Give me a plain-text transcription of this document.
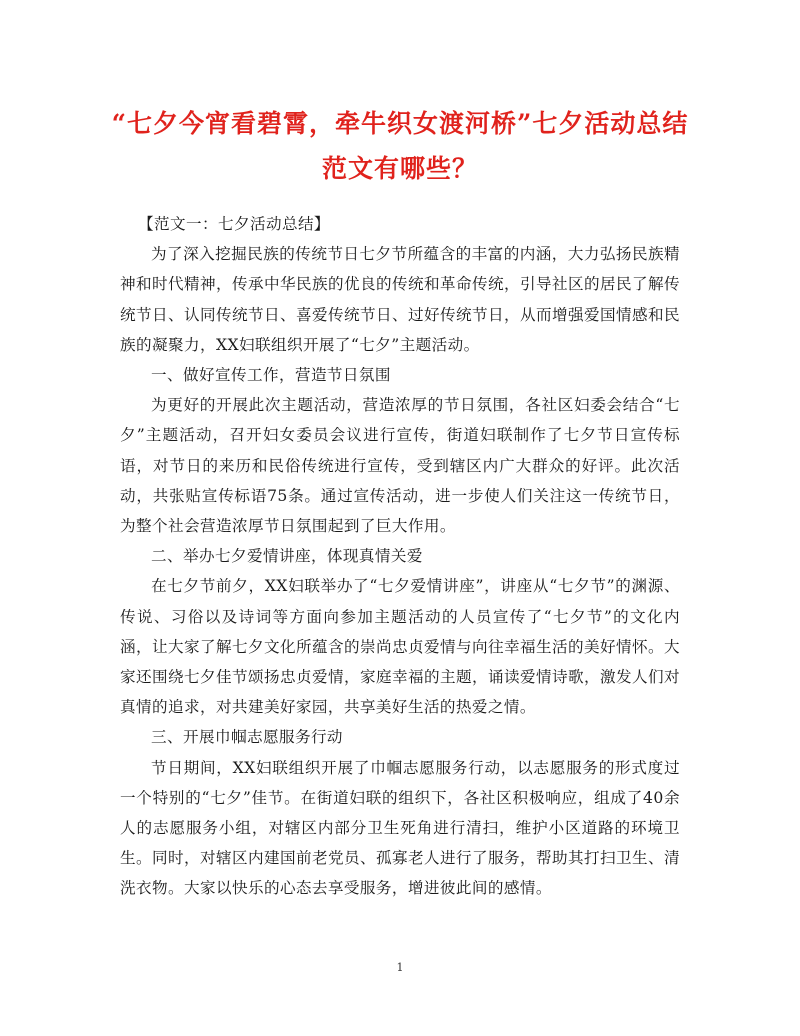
“七夕今宵看碧霄，牵牛织女渡河桥”七夕活动总结
范文有哪些？

【范文一：七夕活动总结】

为了深入挖掘民族的传统节日七夕节所蕴含的丰富的内涵，大力弘扬民族精神和时代精神，传承中华民族的优良的传统和革命传统，引导社区的居民了解传统节日、认同传统节日、喜爱传统节日、过好传统节日，从而增强爱国情感和民族的凝聚力，XX妇联组织开展了“七夕”主题活动。

一、做好宣传工作，营造节日氛围

为更好的开展此次主题活动，营造浓厚的节日氛围，各社区妇委会结合“七夕”主题活动，召开妇女委员会议进行宣传，街道妇联制作了七夕节日宣传标语，对节日的来历和民俗传统进行宣传，受到辖区内广大群众的好评。此次活动，共张贴宣传标语75条。通过宣传活动，进一步使人们关注这一传统节日，为整个社会营造浓厚节日氛围起到了巨大作用。

二、举办七夕爱情讲座，体现真情关爱

在七夕节前夕，XX妇联举办了“七夕爱情讲座”，讲座从“七夕节”的渊源、传说、习俗以及诗词等方面向参加主题活动的人员宣传了“七夕节”的文化内涵，让大家了解七夕文化所蕴含的崇尚忠贞爱情与向往幸福生活的美好情怀。大家还围绕七夕佳节颂扬忠贞爱情，家庭幸福的主题，诵读爱情诗歌，激发人们对真情的追求，对共建美好家园，共享美好生活的热爱之情。

三、开展巾帼志愿服务行动

节日期间，XX妇联组织开展了巾帼志愿服务行动，以志愿服务的形式度过一个特别的“七夕”佳节。在街道妇联的组织下，各社区积极响应，组成了40余人的志愿服务小组，对辖区内部分卫生死角进行清扫，维护小区道路的环境卫生。同时，对辖区内建国前老党员、孤寡老人进行了服务，帮助其打扫卫生、清洗衣物。大家以快乐的心态去享受服务，增进彼此间的感情。

1
